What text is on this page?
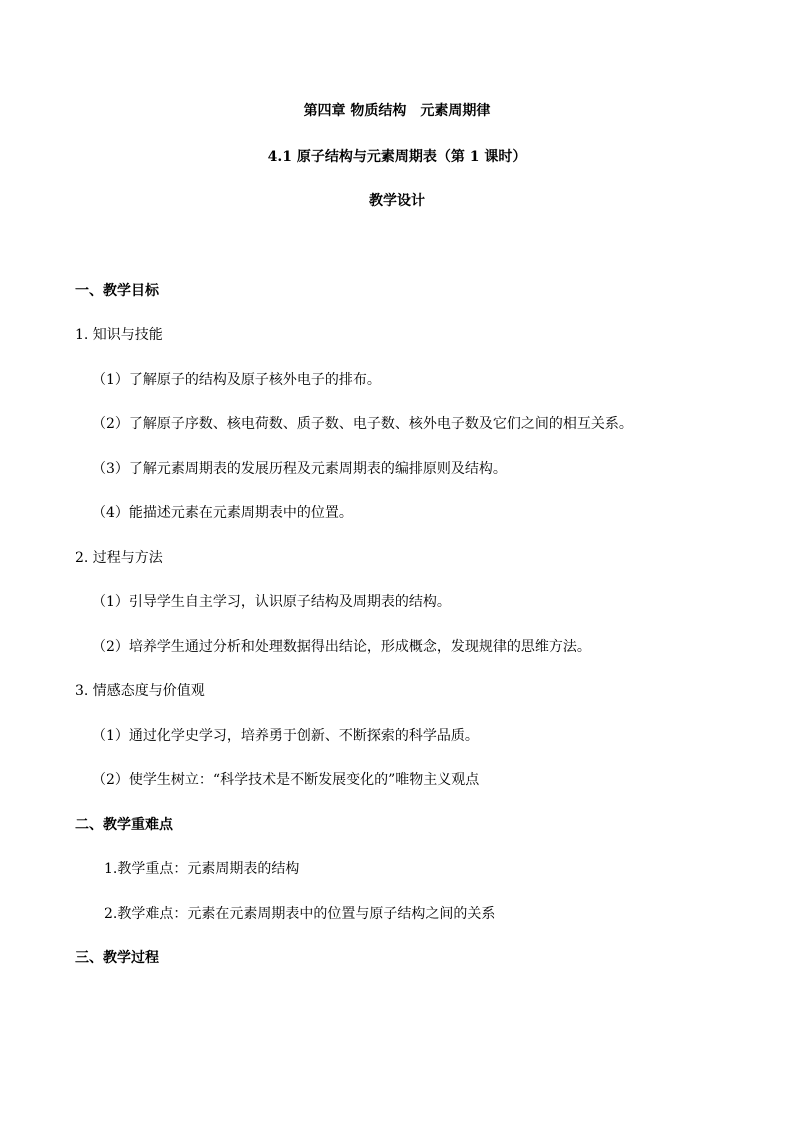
第四章 物质结构　元素周期律
4.1 原子结构与元素周期表（第 1 课时）
教学设计
一、教学目标
1. 知识与技能
（1）了解原子的结构及原子核外电子的排布。
（2）了解原子序数、核电荷数、质子数、电子数、核外电子数及它们之间的相互关系。
（3）了解元素周期表的发展历程及元素周期表的编排原则及结构。
（4）能描述元素在元素周期表中的位置。
2. 过程与方法
（1）引导学生自主学习，认识原子结构及周期表的结构。
（2）培养学生通过分析和处理数据得出结论，形成概念，发现规律的思维方法。
3. 情感态度与价值观
（1）通过化学史学习，培养勇于创新、不断探索的科学品质。
（2）使学生树立：“科学技术是不断发展变化的”唯物主义观点
二、教学重难点
1.教学重点：元素周期表的结构
2.教学难点：元素在元素周期表中的位置与原子结构之间的关系
三、教学过程
